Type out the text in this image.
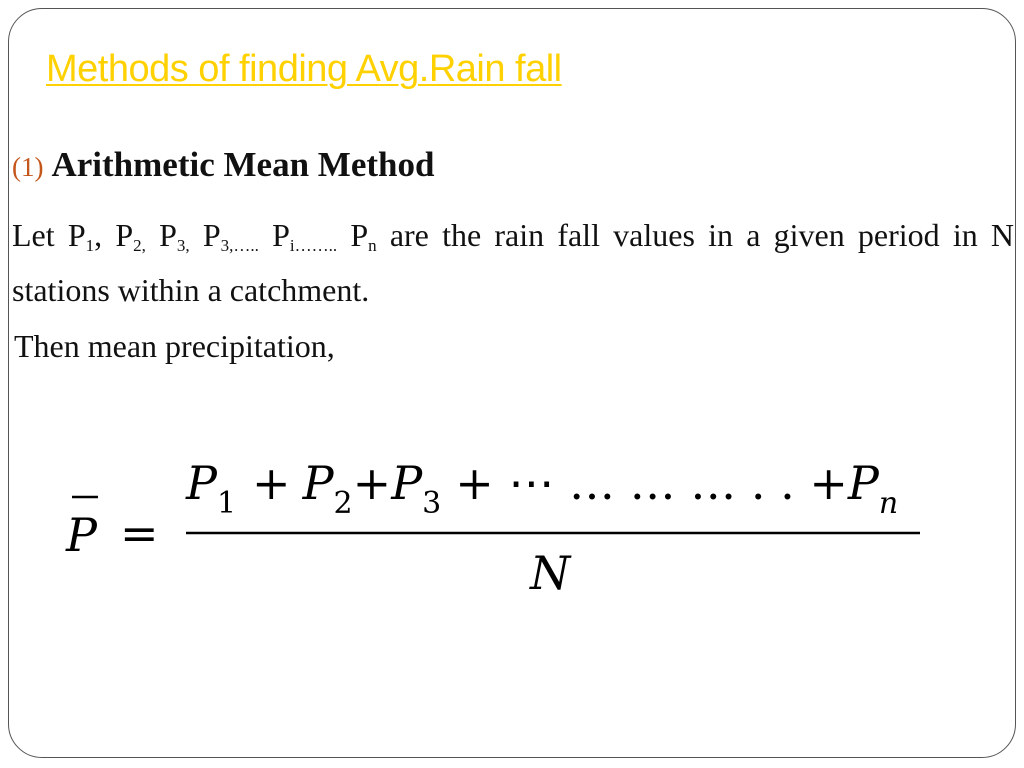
Methods of finding Avg.Rain fall
(1) Arithmetic Mean Method
Let $P_1$, $P_{2,}$ $P_{3,}$ $P_{3,\dots..}$ $P_{i\dots\dots..}$ $P_n$ are the rain fall values in a given period in N stations within a catchment.
Then mean precipitation,
P =
$P_1 + P_2+P_3$ + ⋯ … … … . . $+P_n$
N
